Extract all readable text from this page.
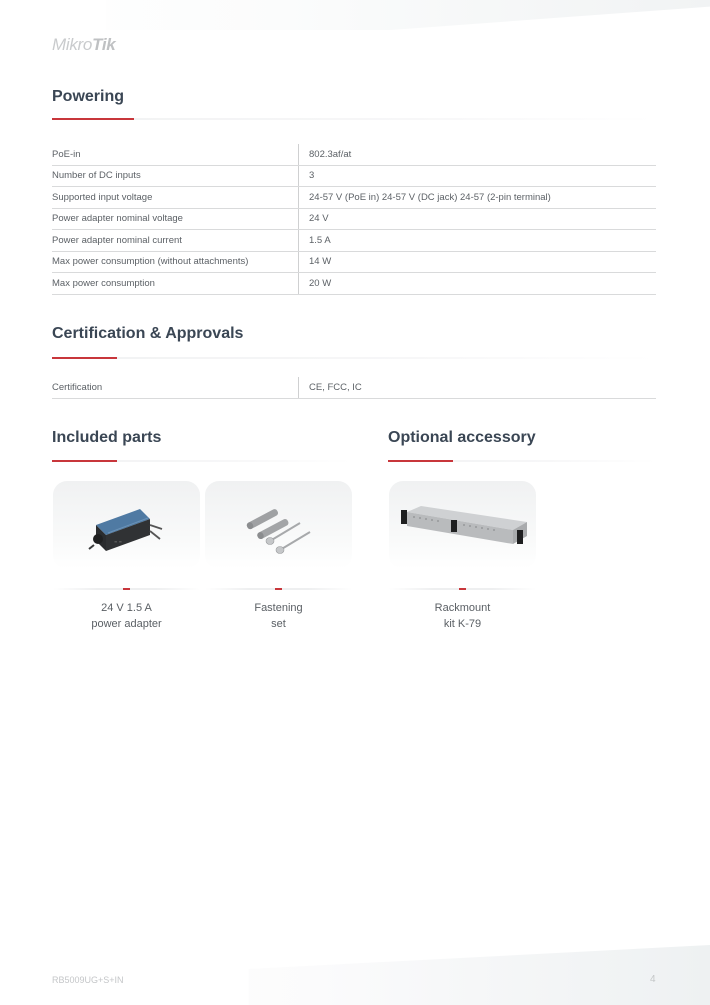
Mikro Tik
Powering
PoE-in	802.3af/at
Number of DC inputs	3
Supported input voltage	24-57 V (PoE in) 24-57 V (DC jack) 24-57 (2-pin terminal)
Power adapter nominal voltage	24 V
Power adapter nominal current	1.5 A
Max power consumption (without attachments)	14 W
Max power consumption	20 W
Certification & Approvals
Certification	CE, FCC, IC
Included parts	Optional accessory
≡ ≡
24 V 1.5 A
power adapter
Fastening
set
Rackmount
kit K-79
RB5009UG+S+IN	4
